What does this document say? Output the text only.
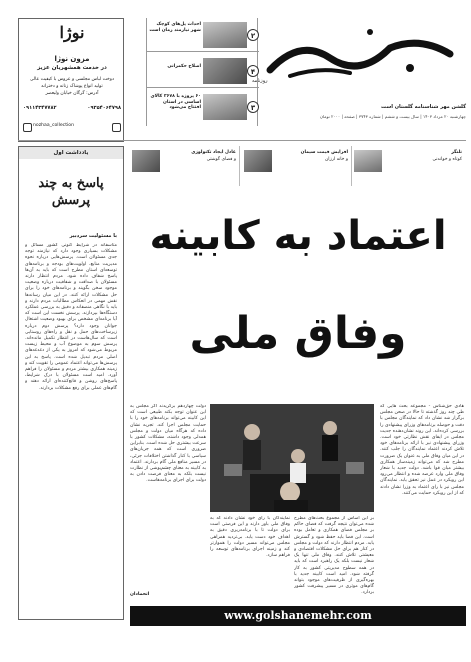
روزنامه
گلشن مهر شناسنامه گلستان است
چهارشنبه ۲۰ مرداد ۱۴۰۳ | سال بیست و ششم | شماره ۳۷۴۳ | صفحه | ۲۰۰۰ تومان
۲
احداث پل‌های کوچک شهر نیازمند زمان است
۴
اصلاح حکمرانی
۳
۶۰ پروژه با ۲۶۷۸ کالای اساسی در استان افتتاح می‌شود
نوژا
مزون نوژا
در خدمت همشهریان عزیز
دوخت لباس مجلسی و عروس با کیفیت عالی
تولید انواع پوشاک زنانه و دخترانه
آدرس: گرگان خیابان ولیعصر
۰۹۱۱۴۳۴۷۷۸۲	۰۹۳۵۴۰۶۴۷۹۸
nozhaa_collection
تلنگر
کوتاه و خواندنی
افزایش قیمت سیمان
و خانه ارزان
عادل ایجاد تکنولوژی
و فضای گوشتی
یادداشت اول
پاسخ به چند پرسش
با مسئولیت سردبیر
متاسفانه در شرایط کنونی کشور مسائل و مشکلات بسیاری وجود دارد که نیازمند توجه جدی مسئولان است. پرسش‌هایی درباره نحوه مدیریت منابع، اولویت‌های بودجه و برنامه‌های توسعه‌ای استان مطرح است که باید به آن‌ها پاسخ شفاف داده شود. مردم انتظار دارند مسئولان با صداقت و شفافیت درباره وضعیت موجود سخن بگویند و برنامه‌های خود را برای حل مشکلات ارائه کنند. در این میان رسانه‌ها نقش مهمی در انعکاس مطالبات مردم دارند و باید با نگاهی منصفانه و دقیق به بررسی عملکرد دستگاه‌ها بپردازند. پرسش نخست این است که آیا برنامه‌ای مشخص برای بهبود وضعیت اشتغال جوانان وجود دارد؟ پرسش دوم درباره زیرساخت‌های حمل و نقل و راه‌های روستایی است که سال‌هاست در انتظار تکمیل مانده‌اند. پرسش سوم به موضوع آب و محیط زیست مربوط می‌شود که امروز به یکی از دغدغه‌های اصلی مردم تبدیل شده است. پاسخ به این پرسش‌ها می‌تواند اعتماد عمومی را تقویت کند و زمینه همکاری بیشتر مردم و مسئولان را فراهم آورد. امید است مسئولان با درک شرایط، پاسخ‌های روشن و قانع‌کننده‌ای ارائه دهند و گام‌های عملی برای رفع مشکلات بردارند.
اعتماد به کابینه
وفاق ملی
هادی حق‌شناس - مجموعه بحث هایی که طی چند روز گذشته تا حالا در صحن مجلس برگزار شد نشان داد که نمایندگان مجلس با دقت و حوصله برنامه‌های وزرای پیشنهادی را بررسی کرده‌اند. این روند نشان‌دهنده جدیت مجلس در ایفای نقش نظارتی خود است. وزرای پیشنهادی نیز با ارائه برنامه‌های خود تلاش کردند اعتماد نمایندگان را جلب کنند. در این میان وفاق ملی به عنوان یک ضرورت مطرح شد که می‌تواند زمینه‌ساز همکاری بیشتر میان قوا باشد. دولت جدید با شعار وفاق ملی وارد عرصه شده و انتظار می‌رود این رویکرد در عمل نیز تحقق یابد. نمایندگان مجلس نیز با رای اعتماد به وزرا نشان دادند که از این رویکرد حمایت می‌کنند.
دولت چهاردهم برکزیدند اگر مجلس به این عنوان توجه بکند طبیعی است که این کابینه می‌تواند برنامه‌های خود را با حمایت مجلس اجرا کند. تجربه نشان داده که هرگاه میان دولت و مجلس همدلی وجود داشته، مشکلات کشور با سرعت بیشتری حل شده است. بنابراین ضروری است که همه جریان‌های سیاسی با کنار گذاشتن اختلافات جزئی، در مسیر منافع ملی گام بردارند. اعتماد به کابینه به معنای چشم‌پوشی از نظارت نیست بلکه به معنای فرصت دادن به دولت برای اجرای برنامه‌هاست.
بر این اساس از مجموع بحث‌های مطرح شده می‌توان نتیجه گرفت که فضای حاکم بر مجلس فضای همکاری و تعامل بوده است. این فضا باید حفظ شود و گسترش یابد. مردم انتظار دارند که دولت و مجلس در کنار هم برای حل مشکلات اقتصادی و معیشتی تلاش کنند. وفاق ملی تنها یک شعار نیست بلکه یک راهبرد است که باید در همه سطوح مدیریتی کشور به کار گرفته شود. امید است کابینه جدید با بهره‌گیری از ظرفیت‌های موجود بتواند گام‌های موثری در مسیر پیشرفت کشور بردارد.
نمایندگان با رای خود نشان دادند که به وفاق ملی باور دارند و این فرصتی است برای دولت تا با برنامه‌ریزی دقیق به اهداف خود دست یابد. بی‌تردید همراهی مجلس می‌تواند مسیر دولت را هموارتر کند و زمینه اجرای برنامه‌های توسعه را فراهم سازد.
اتحمادان
www.golshanemehr.com
